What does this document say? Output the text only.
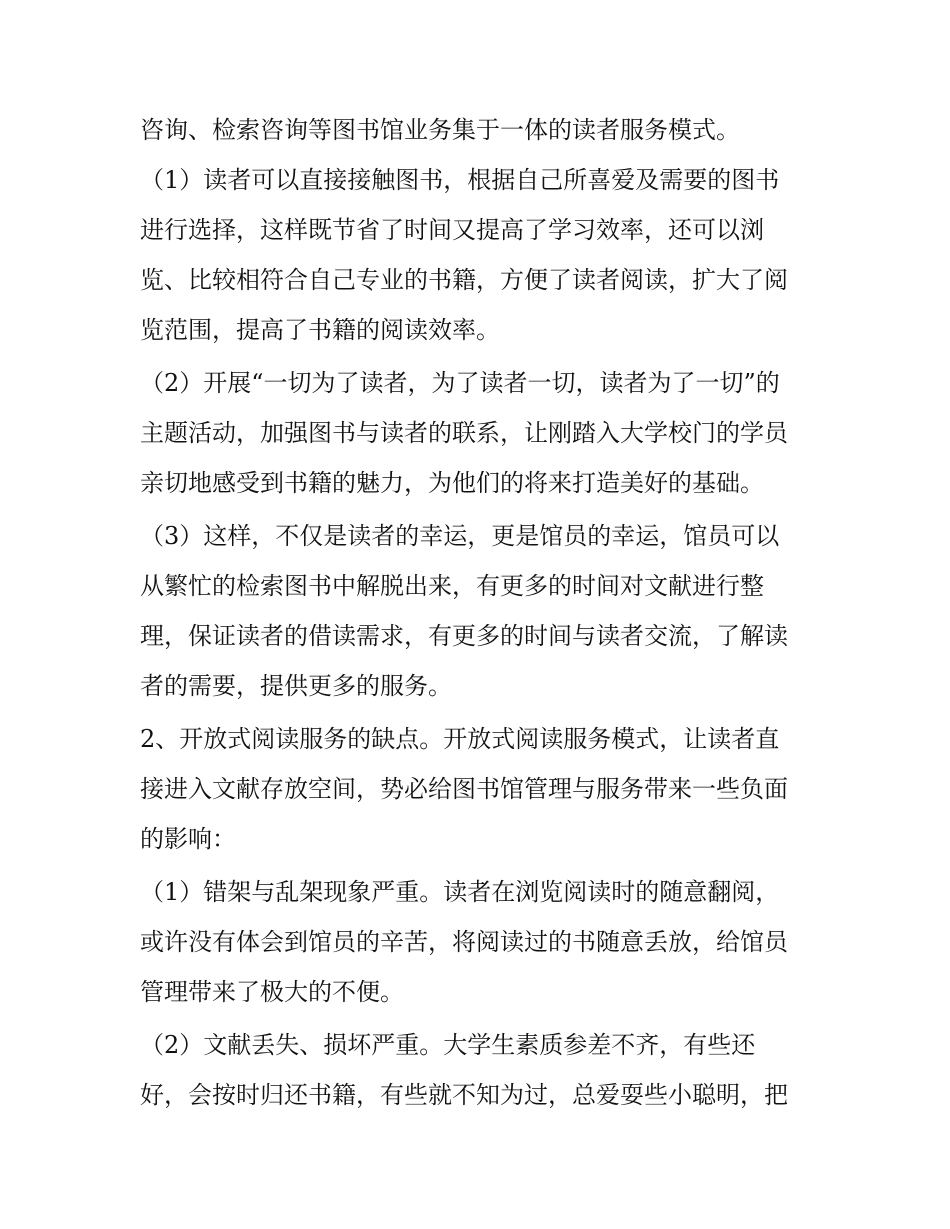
咨询、检索咨询等图书馆业务集于一体的读者服务模式。
（1）读者可以直接接触图书，根据自己所喜爱及需要的图书
进行选择，这样既节省了时间又提高了学习效率，还可以浏
览、比较相符合自己专业的书籍，方便了读者阅读，扩大了阅
览范围，提高了书籍的阅读效率。
（2）开展“一切为了读者，为了读者一切，读者为了一切”的
主题活动，加强图书与读者的联系，让刚踏入大学校门的学员
亲切地感受到书籍的魅力，为他们的将来打造美好的基础。
（3）这样，不仅是读者的幸运，更是馆员的幸运，馆员可以
从繁忙的检索图书中解脱出来，有更多的时间对文献进行整
理，保证读者的借读需求，有更多的时间与读者交流，了解读
者的需要，提供更多的服务。
2、开放式阅读服务的缺点。开放式阅读服务模式，让读者直
接进入文献存放空间，势必给图书馆管理与服务带来一些负面
的影响：
（1）错架与乱架现象严重。读者在浏览阅读时的随意翻阅，
或许没有体会到馆员的辛苦，将阅读过的书随意丢放，给馆员
管理带来了极大的不便。
（2）文献丢失、损坏严重。大学生素质参差不齐，有些还
好，会按时归还书籍，有些就不知为过，总爱耍些小聪明，把
